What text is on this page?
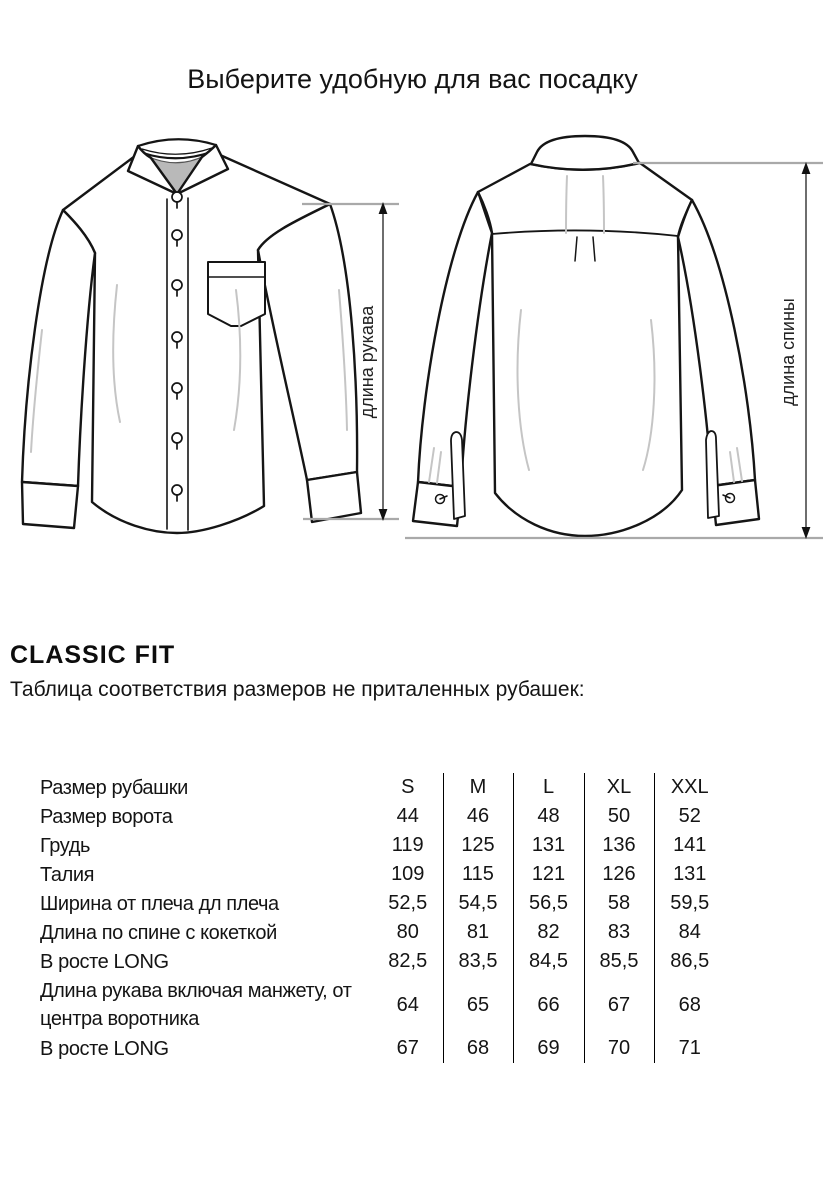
Выберите удобную для вас посадку
длина рукава	длина спины
CLASSIC FIT

Таблица соответствия размеров не приталенных рубашек:

Размер рубашки	S	M	L	XL	XXL
Размер ворота	44	46	48	50	52
Грудь	119	125	131	136	141
Талия	109	115	121	126	131
Ширина от плеча дл плеча	52,5	54,5	56,5	58	59,5
Длина по спине с кокеткой	80	81	82	83	84
В росте LONG	82,5	83,5	84,5	85,5	86,5
Длина рукава включая манжету, от центра воротника	64	65	66	67	68
В росте LONG	67	68	69	70	71
